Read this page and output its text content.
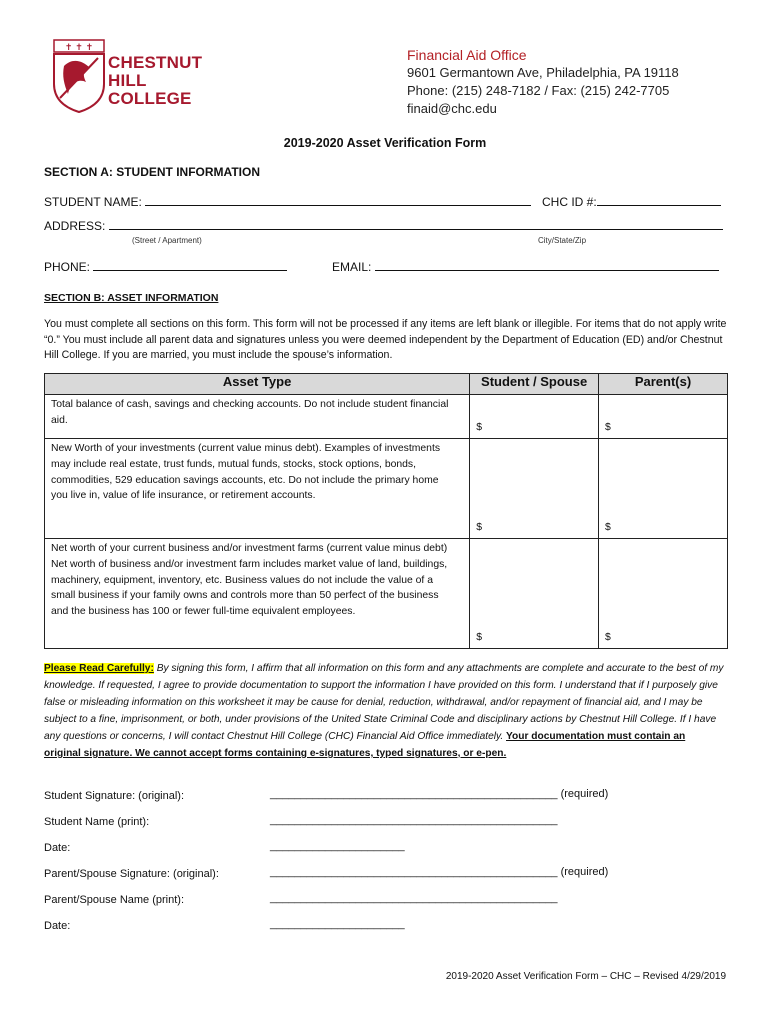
✝ ✝ ✝
CHESTNUT
HILL
COLLEGE
Financial Aid Office
9601 Germantown Ave, Philadelphia, PA 19118
Phone: (215) 248-7182 / Fax: (215) 242-7705
finaid@chc.edu
2019-2020 Asset Verification Form
SECTION A: STUDENT INFORMATION
STUDENT NAME:	CHC ID #:
ADDRESS:
(Street / Apartment)	City/State/Zip
PHONE:	EMAIL:
SECTION B: ASSET INFORMATION
You must complete all sections on this form. This form will not be processed if any items are left blank or illegible. For items that do not apply write “0.” You must include all parent data and signatures unless you were deemed independent by the Department of Education (ED) and/or Chestnut Hill College. If you are married, you must include the spouse’s information.
Asset Type	Student / Spouse	Parent(s)
Total balance of cash, savings and checking accounts. Do not include student financial aid.	$	$
New Worth of your investments (current value minus debt). Examples of investments may include real estate, trust funds, mutual funds, stocks, stock options, bonds, commodities, 529 education savings accounts, etc. Do not include the primary home you live in, value of life insurance, or retirement accounts.	$	$
Net worth of your current business and/or investment farms (current value minus debt) Net worth of business and/or investment farm includes market value of land, buildings, machinery, equipment, inventory, etc. Business values do not include the value of a small business if your family owns and controls more than 50 perfect of the business and the business has 100 or fewer full-time equivalent employees.	$	$
Please Read Carefully: By signing this form, I affirm that all information on this form and any attachments are complete and accurate to the best of my knowledge. If requested, I agree to provide documentation to support the information I have provided on this form. I understand that if I purposely give false or misleading information on this worksheet it may be cause for denial, reduction, withdrawal, and/or repayment of financial aid, and I may be subject to a fine, imprisonment, or both, under provisions of the United State Criminal Code and disciplinary actions by Chestnut Hill College. If I have any questions or concerns, I will contact Chestnut Hill College (CHC) Financial Aid Office immediately. Your documentation must contain an original signature. We cannot accept forms containing e-signatures, typed signatures, or e-pen.
Student Signature: (original):	_______________________________________________ (required)
Student Name (print):	_______________________________________________
Date:	______________________
Parent/Spouse Signature: (original):	_______________________________________________ (required)
Parent/Spouse Name (print):	_______________________________________________
Date:	______________________
2019-2020 Asset Verification Form – CHC – Revised 4/29/2019
